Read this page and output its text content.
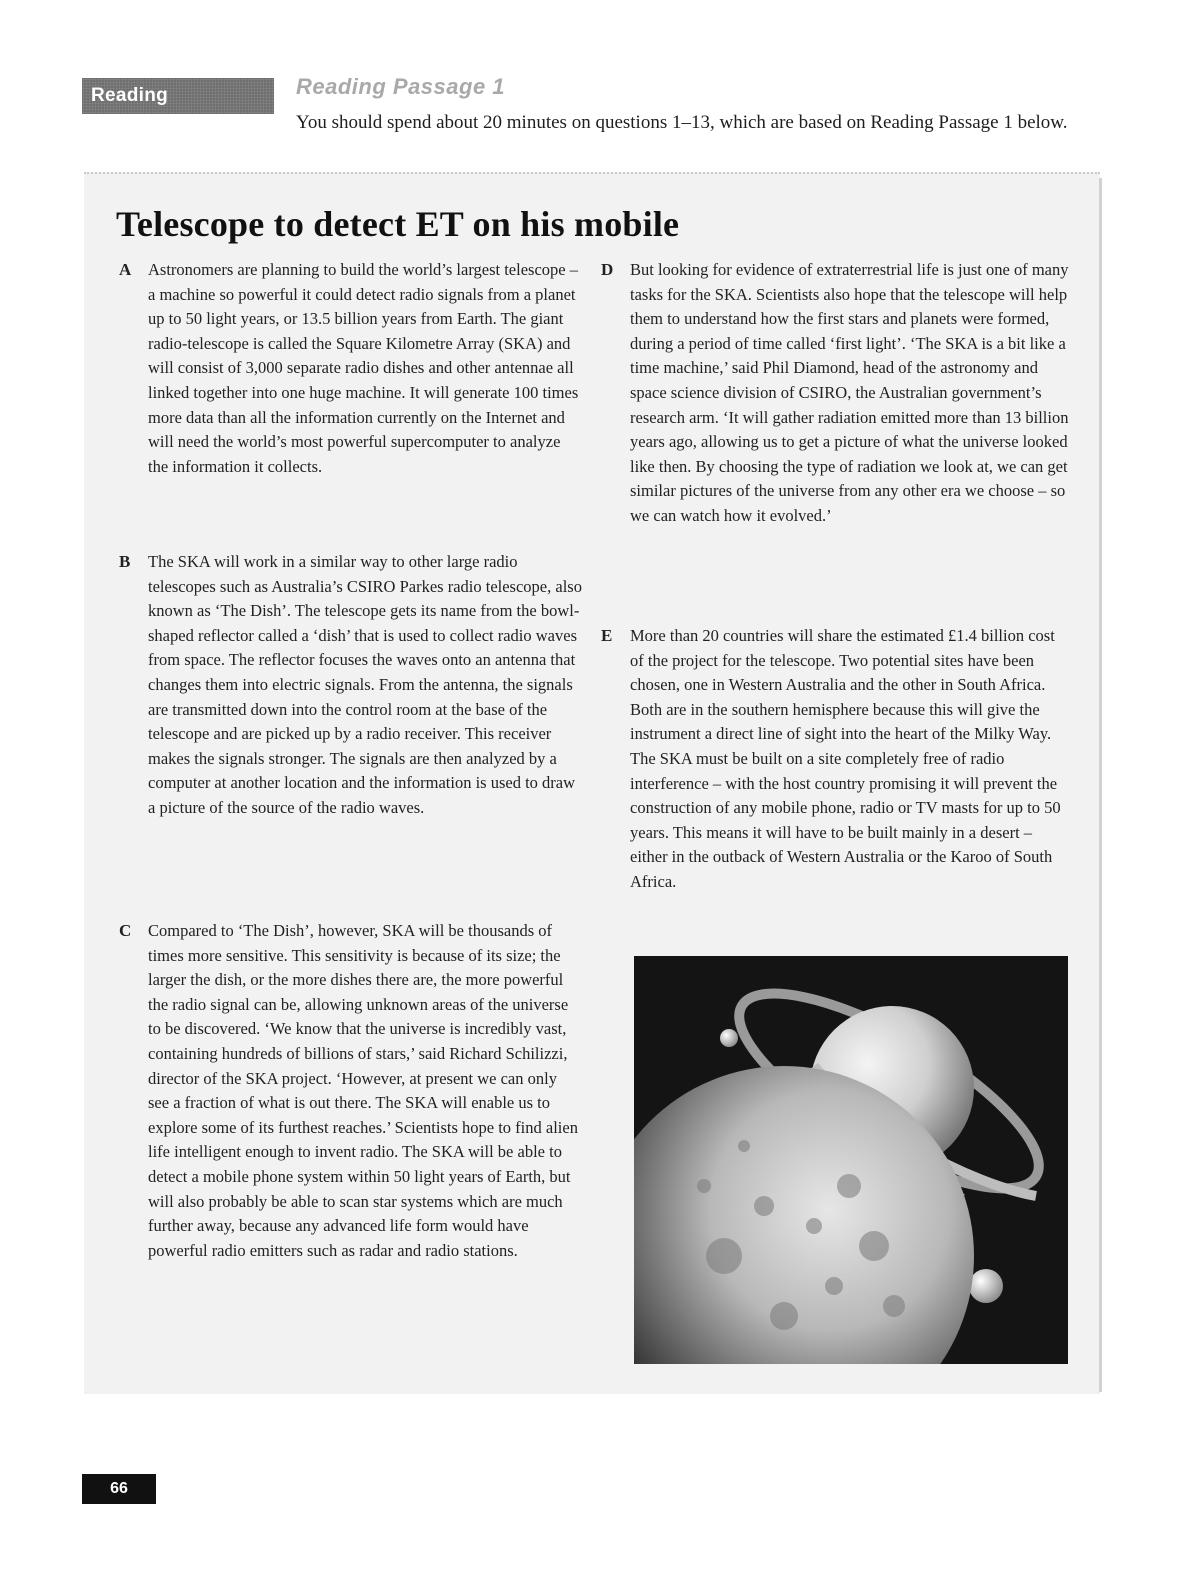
Reading	Reading Passage 1
You should spend about 20 minutes on questions 1–13, which are based on Reading Passage 1 below.
Telescope to detect ET on his mobile
A Astronomers are planning to build the world’s largest telescope – a machine so powerful it could detect radio signals from a planet up to 50 light years, or 13.5 billion years from Earth. The giant radio-telescope is called the Square Kilometre Array (SKA) and will consist of 3,000 separate radio dishes and other antennae all linked together into one huge machine. It will generate 100 times more data than all the information currently on the Internet and will need the world’s most powerful supercomputer to analyze the information it collects.

B The SKA will work in a similar way to other large radio telescopes such as Australia’s CSIRO Parkes radio telescope, also known as ‘The Dish’. The telescope gets its name from the bowl-shaped reflector called a ‘dish’ that is used to collect radio waves from space. The reflector focuses the waves onto an antenna that changes them into electric signals. From the antenna, the signals are transmitted down into the control room at the base of the telescope and are picked up by a radio receiver. This receiver makes the signals stronger. The signals are then analyzed by a computer at another location and the information is used to draw a picture of the source of the radio waves.

C Compared to ‘The Dish’, however, SKA will be thousands of times more sensitive. This sensitivity is because of its size; the larger the dish, or the more dishes there are, the more powerful the radio signal can be, allowing unknown areas of the universe to be discovered. ‘We know that the universe is incredibly vast, containing hundreds of billions of stars,’ said Richard Schilizzi, director of the SKA project. ‘However, at present we can only see a fraction of what is out there. The SKA will enable us to explore some of its furthest reaches.’ Scientists hope to find alien life intelligent enough to invent radio. The SKA will be able to detect a mobile phone system within 50 light years of Earth, but will also probably be able to scan star systems which are much further away, because any advanced life form would have powerful radio emitters such as radar and radio stations.

D But looking for evidence of extraterrestrial life is just one of many tasks for the SKA. Scientists also hope that the telescope will help them to understand how the first stars and planets were formed, during a period of time called ‘first light’. ‘The SKA is a bit like a time machine,’ said Phil Diamond, head of the astronomy and space science division of CSIRO, the Australian government’s research arm. ‘It will gather radiation emitted more than 13 billion years ago, allowing us to get a picture of what the universe looked like then. By choosing the type of radiation we look at, we can get similar pictures of the universe from any other era we choose – so we can watch how it evolved.’

E More than 20 countries will share the estimated £1.4 billion cost of the project for the telescope. Two potential sites have been chosen, one in Western Australia and the other in South Africa. Both are in the southern hemisphere because this will give the instrument a direct line of sight into the heart of the Milky Way. The SKA must be built on a site completely free of radio interference – with the host country promising it will prevent the construction of any mobile phone, radio or TV masts for up to 50 years. This means it will have to be built mainly in a desert – either in the outback of Western Australia or the Karoo of South Africa.

66
